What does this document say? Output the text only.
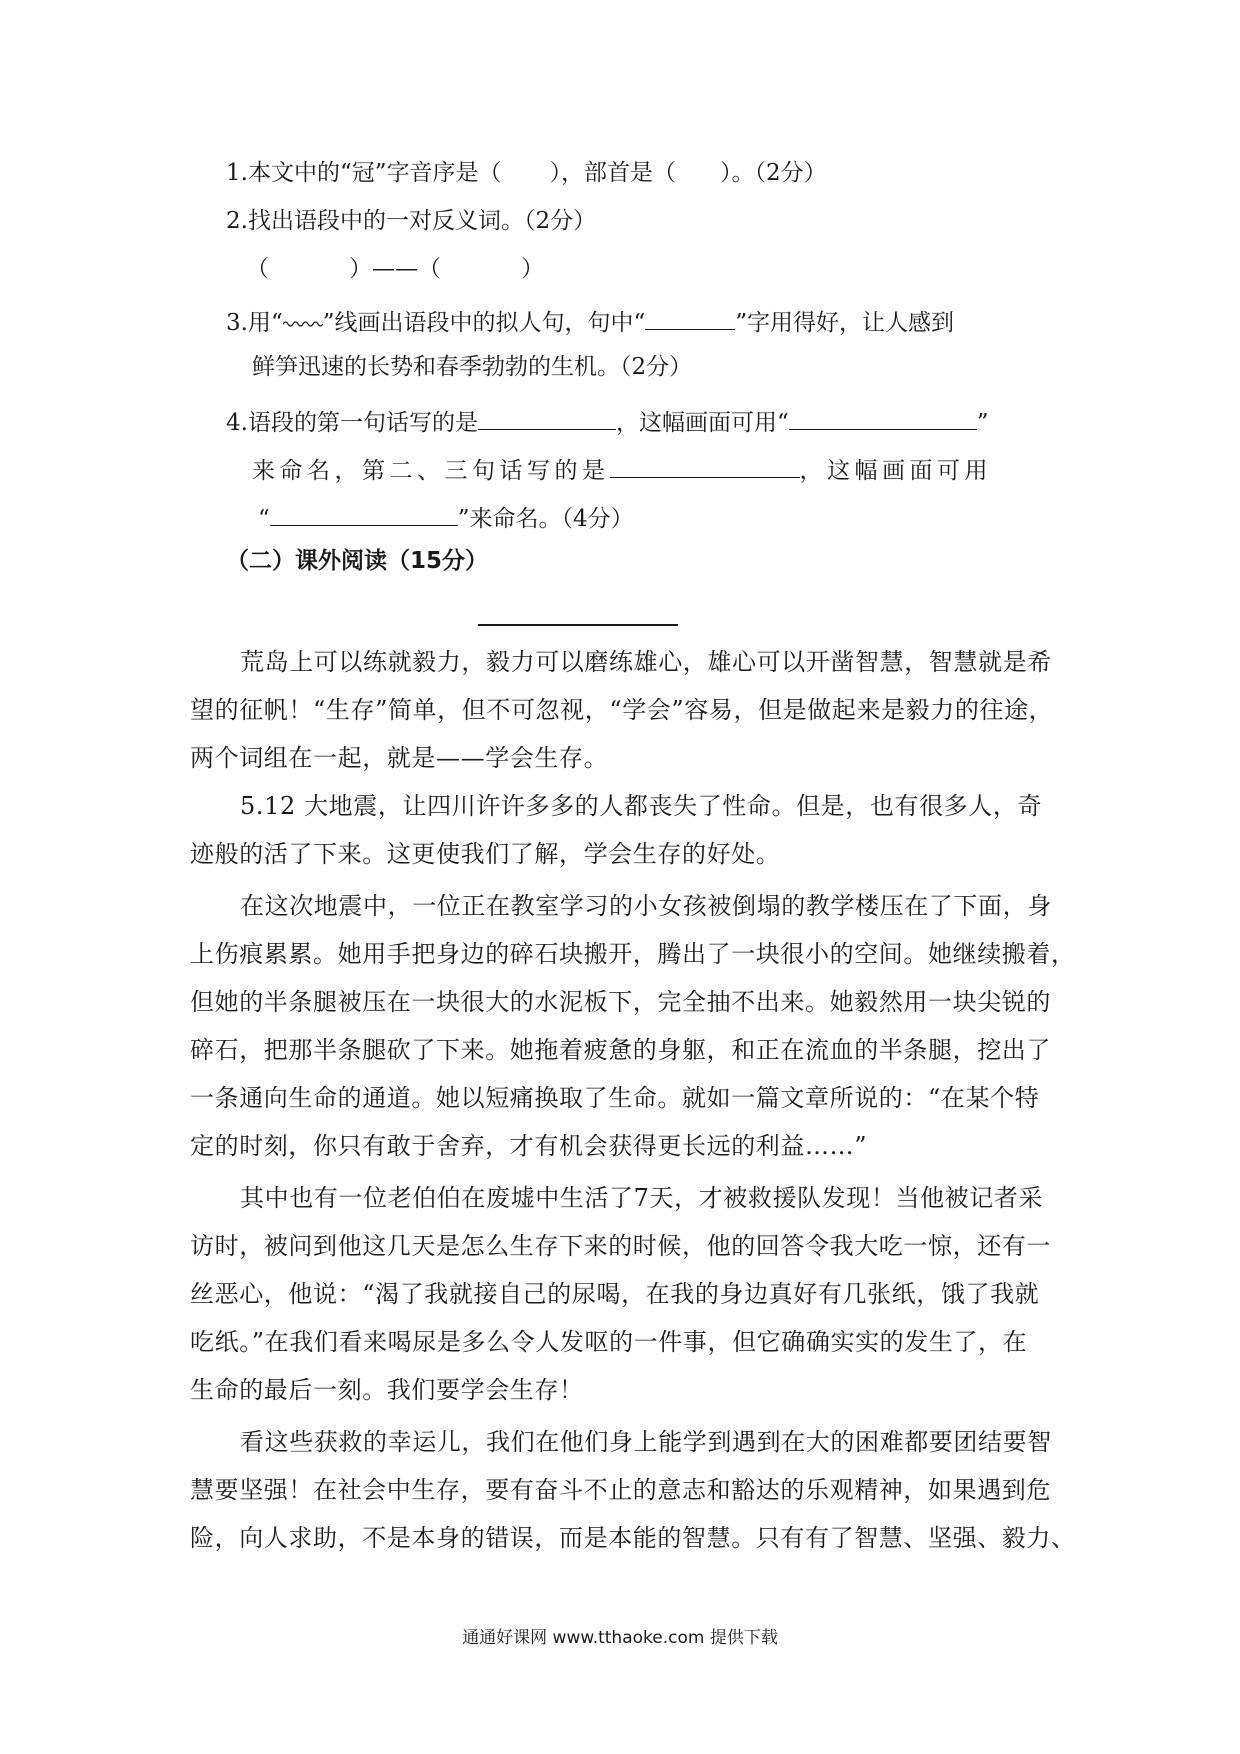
1.本文中的“冠”字音序是（ ），部首是（ ）。（2分）
2.找出语段中的一对反义词。（2分）
（	）——（	）
3.用“ ”线画出语段中的拟人句，句中“	”字用得好，让人感到
鲜笋迅速的长势和春季勃勃的生机。（2分）
4.语段的第一句话写的是	，这幅画面可用“	”
来命名，第二、三句话写的是	，这幅画面可用
“	”来命名。（4分）
（二）课外阅读（15分）
荒岛上可以练就毅力，毅力可以磨练雄心，雄心可以开凿智慧，智慧就是希
望的征帆！“生存”简单，但不可忽视，“学会”容易，但是做起来是毅力的往途，
两个词组在一起，就是——学会生存。
5.12 大地震，让四川许许多多的人都丧失了性命。但是，也有很多人，奇
迹般的活了下来。这更使我们了解，学会生存的好处。
在这次地震中，一位正在教室学习的小女孩被倒塌的教学楼压在了下面，身
上伤痕累累。她用手把身边的碎石块搬开，腾出了一块很小的空间。她继续搬着，
但她的半条腿被压在一块很大的水泥板下，完全抽不出来。她毅然用一块尖锐的
碎石，把那半条腿砍了下来。她拖着疲惫的身躯，和正在流血的半条腿，挖出了
一条通向生命的通道。她以短痛换取了生命。就如一篇文章所说的：“在某个特
定的时刻，你只有敢于舍弃，才有机会获得更长远的利益……”
其中也有一位老伯伯在废墟中生活了7天，才被救援队发现！当他被记者采
访时，被问到他这几天是怎么生存下来的时候，他的回答令我大吃一惊，还有一
丝恶心，他说：“渴了我就接自己的尿喝，在我的身边真好有几张纸，饿了我就
吃纸。”在我们看来喝尿是多么令人发呕的一件事，但它确确实实的发生了，在
生命的最后一刻。我们要学会生存！
看这些获救的幸运儿，我们在他们身上能学到遇到在大的困难都要团结要智
慧要坚强！在社会中生存，要有奋斗不止的意志和豁达的乐观精神，如果遇到危
险，向人求助，不是本身的错误，而是本能的智慧。只有有了智慧、坚强、毅力、
通通好课网 www.tthaoke.com 提供下载
